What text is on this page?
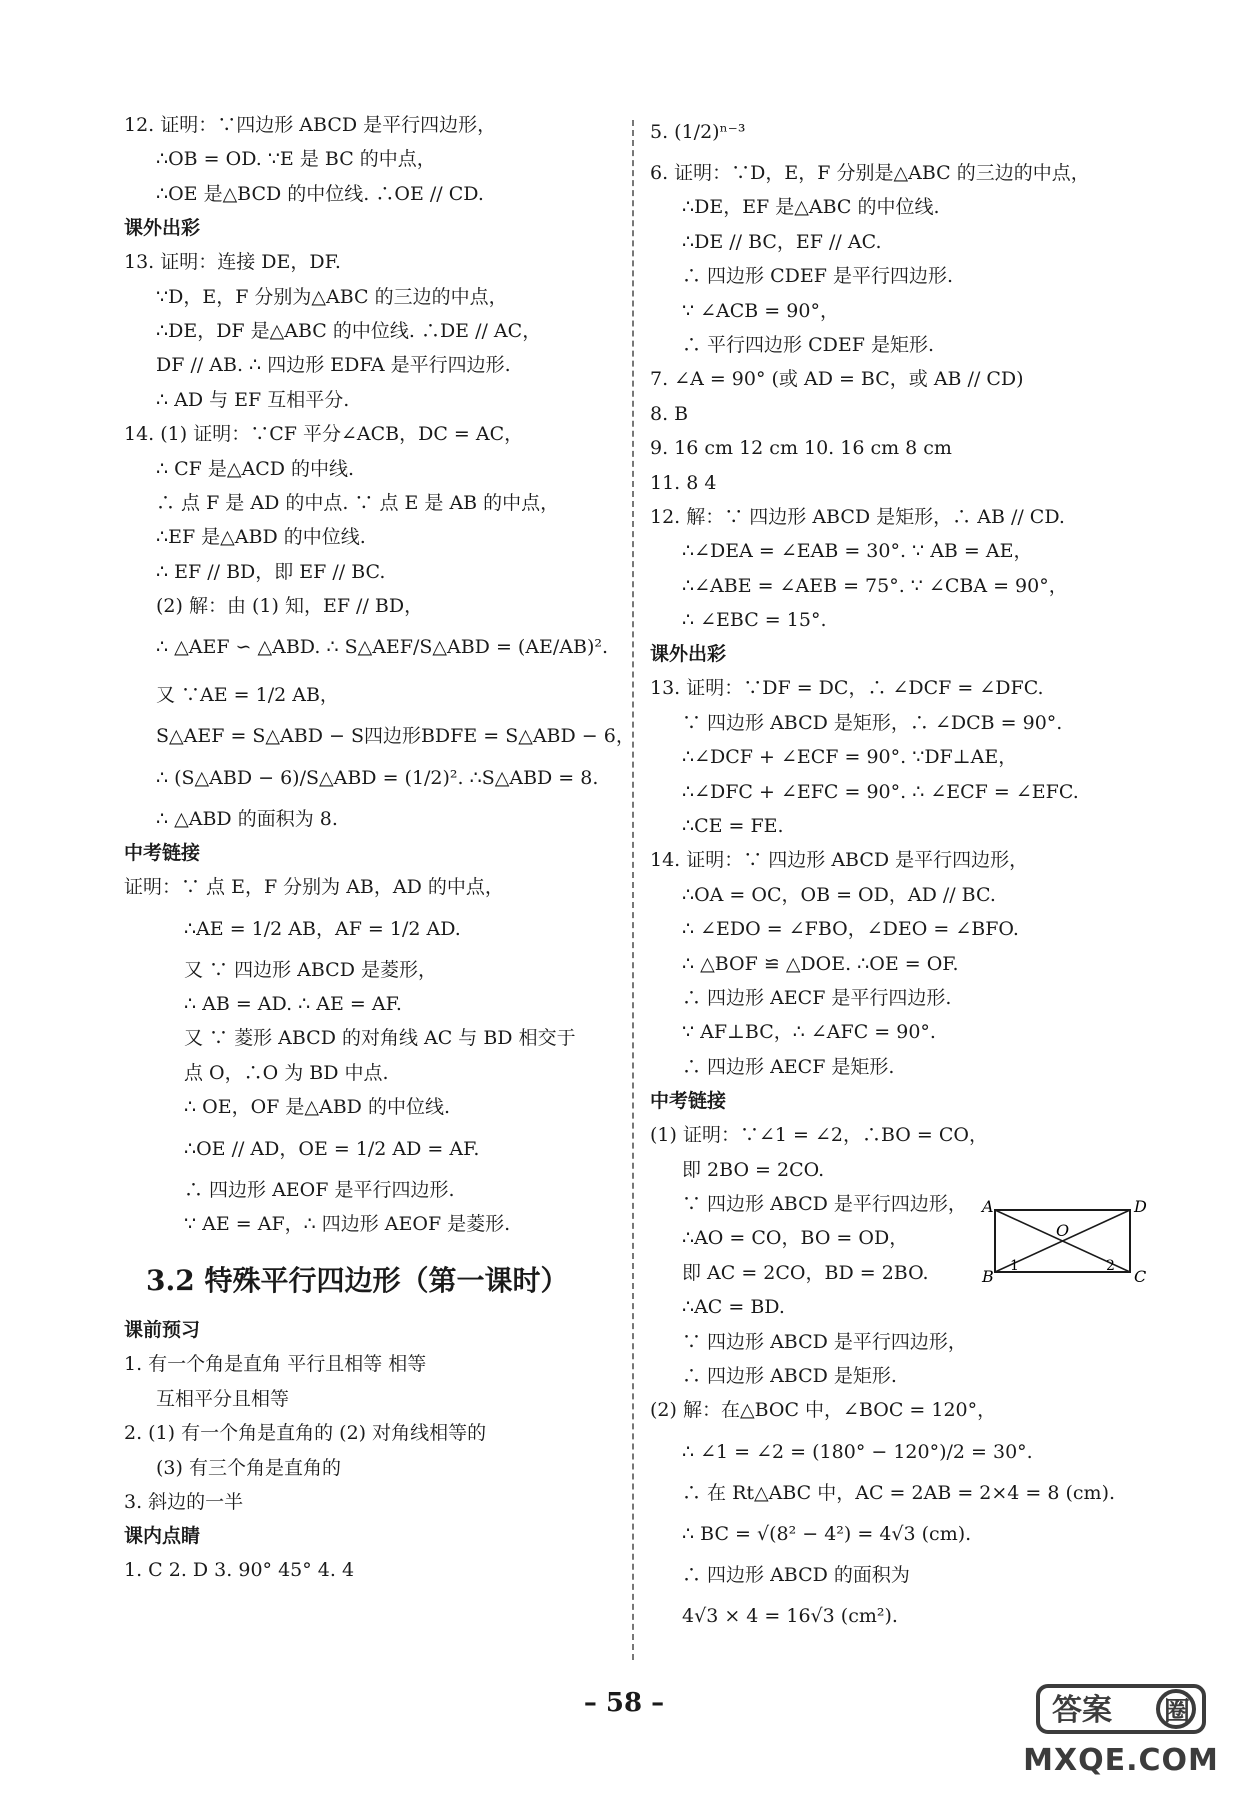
12. 证明：∵四边形 ABCD 是平行四边形，
∴OB = OD. ∵E 是 BC 的中点，
∴OE 是△BCD 的中位线. ∴OE // CD.
课外出彩
13. 证明：连接 DE，DF.
∵D，E，F 分别为△ABC 的三边的中点，
∴DE，DF 是△ABC 的中位线. ∴DE // AC，
DF // AB. ∴ 四边形 EDFA 是平行四边形.
∴ AD 与 EF 互相平分.
14. (1) 证明：∵CF 平分∠ACB，DC = AC，
∴ CF 是△ACD 的中线.
∴ 点 F 是 AD 的中点. ∵ 点 E 是 AB 的中点，
∴EF 是△ABD 的中位线.
∴ EF // BD，即 EF // BC.
(2) 解：由 (1) 知，EF // BD，
∴ △AEF ∽ △ABD. ∴ S△AEF/S△ABD = (AE/AB)².
又 ∵AE = 1/2 AB，
S△AEF = S△ABD − S四边形BDFE = S△ABD − 6，
∴ (S△ABD − 6)/S△ABD = (1/2)². ∴S△ABD = 8.
∴ △ABD 的面积为 8.
中考链接
证明：∵ 点 E，F 分别为 AB，AD 的中点，
∴AE = 1/2 AB，AF = 1/2 AD.
又 ∵ 四边形 ABCD 是菱形，
∴ AB = AD. ∴ AE = AF.
又 ∵ 菱形 ABCD 的对角线 AC 与 BD 相交于
点 O，∴O 为 BD 中点.
∴ OE，OF 是△ABD 的中位线.
∴OE // AD，OE = 1/2 AD = AF.
∴ 四边形 AEOF 是平行四边形.
∵ AE = AF，∴ 四边形 AEOF 是菱形.
3.2 特殊平行四边形（第一课时）
课前预习
1. 有一个角是直角 平行且相等 相等
互相平分且相等
2. (1) 有一个角是直角的 (2) 对角线相等的
(3) 有三个角是直角的
3. 斜边的一半
课内点睛
1. C 2. D 3. 90° 45° 4. 4
5. (1/2)ⁿ⁻³
6. 证明：∵D，E，F 分别是△ABC 的三边的中点，
∴DE，EF 是△ABC 的中位线.
∴DE // BC，EF // AC.
∴ 四边形 CDEF 是平行四边形.
∵ ∠ACB = 90°，
∴ 平行四边形 CDEF 是矩形.
7. ∠A = 90° (或 AD = BC，或 AB // CD)
8. B
9. 16 cm 12 cm 10. 16 cm 8 cm
11. 8 4
12. 解：∵ 四边形 ABCD 是矩形，∴ AB // CD.
∴∠DEA = ∠EAB = 30°. ∵ AB = AE，
∴∠ABE = ∠AEB = 75°. ∵ ∠CBA = 90°，
∴ ∠EBC = 15°.
课外出彩
13. 证明：∵DF = DC，∴ ∠DCF = ∠DFC.
∵ 四边形 ABCD 是矩形，∴ ∠DCB = 90°.
∴∠DCF + ∠ECF = 90°. ∵DF⊥AE，
∴∠DFC + ∠EFC = 90°. ∴ ∠ECF = ∠EFC.
∴CE = FE.
14. 证明：∵ 四边形 ABCD 是平行四边形，
∴OA = OC，OB = OD，AD // BC.
∴ ∠EDO = ∠FBO，∠DEO = ∠BFO.
∴ △BOF ≌ △DOE. ∴OE = OF.
∴ 四边形 AECF 是平行四边形.
∵ AF⊥BC，∴ ∠AFC = 90°.
∴ 四边形 AECF 是矩形.
中考链接
(1) 证明：∵∠1 = ∠2，∴BO = CO，
即 2BO = 2CO.
∵ 四边形 ABCD 是平行四边形，
∴AO = CO，BO = OD，
即 AC = 2CO，BD = 2BO.
∴AC = BD.
∵ 四边形 ABCD 是平行四边形，
∴ 四边形 ABCD 是矩形.
(2) 解：在△BOC 中，∠BOC = 120°，
∴ ∠1 = ∠2 = (180° − 120°)/2 = 30°.
∴ 在 Rt△ABC 中，AC = 2AB = 2×4 = 8 (cm).
∴ BC = √(8² − 4²) = 4√3 (cm).
∴ 四边形 ABCD 的面积为
4√3 × 4 = 16√3 (cm²).
A	D
O
B
1	2
C
– 58 –	答案 圈
MXQE.COM
